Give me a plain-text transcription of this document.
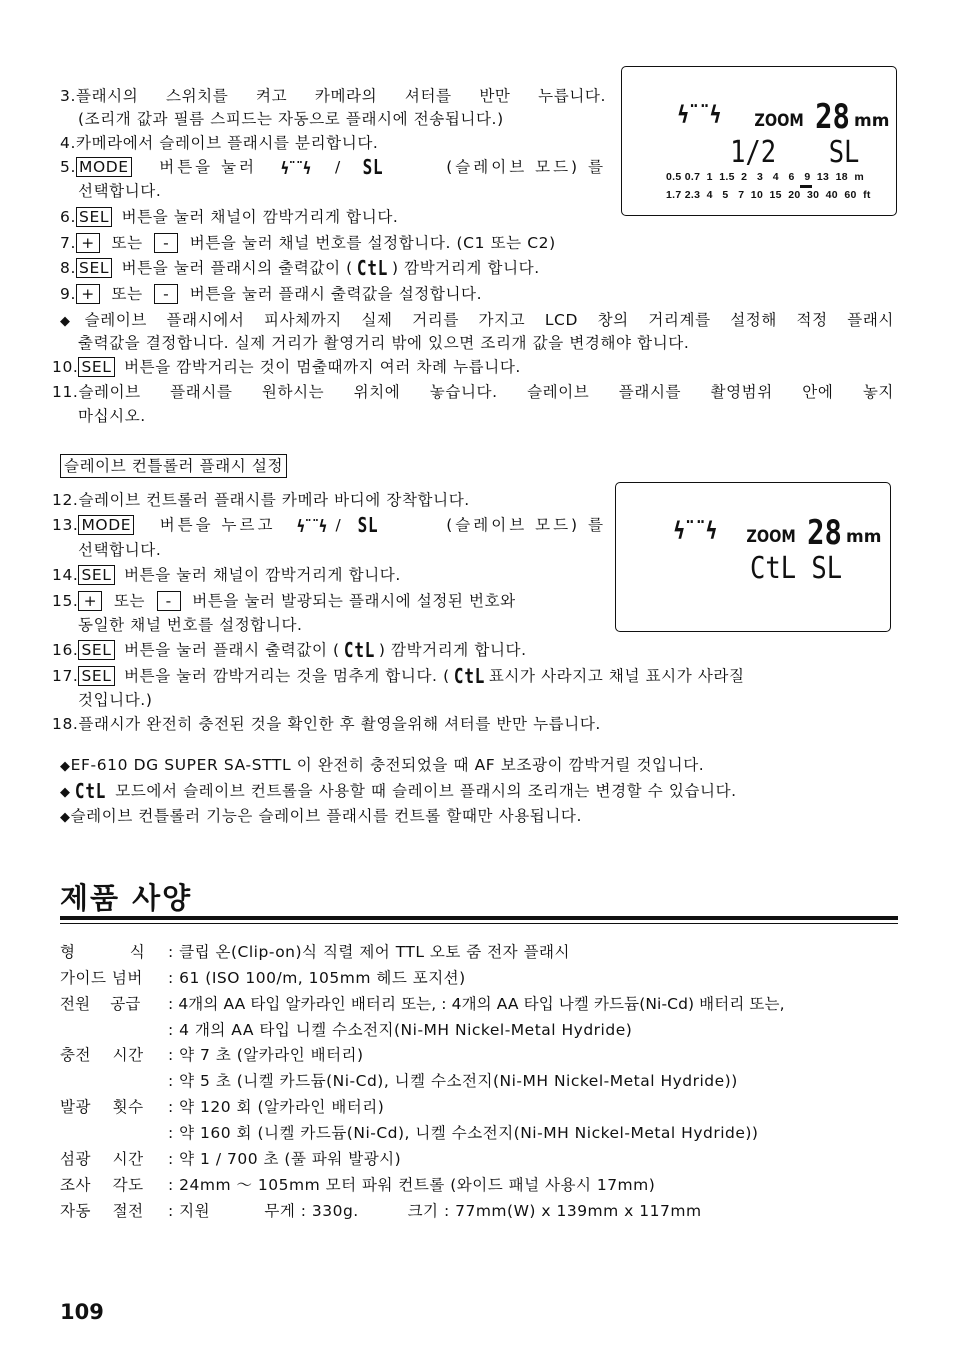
3.플래시의 스위치를 켜고 카메라의 셔터를 반만 누릅니다.
(조리개 값과 필름 스피드는 자동으로 플래시에 전송됩니다.)
4.카메라에서 슬레이브 플래시를 분리합니다.
5. MODE 버튼을 눌러 ϟ¨¨ϟ / SL	(슬레이브 모드) 를
선택합니다.
6. SEL 버튼을 눌러 채널이 깜박거리게 합니다.
7. + 또는 - 버튼을 눌러 채널 번호를 설정합니다. (C1 또는 C2)
8. SEL 버튼을 눌러 플래시의 출력값이 ( CtL ) 깜박거리게 합니다.
9. + 또는 - 버튼을 눌러 플래시 출력값을 설정합니다.
◆슬레이브 플래시에서 피사체까지 실제 거리를 가지고 LCD 창의 거리계를 설정해 적정 플래시
출력값을 결정합니다. 실제 거리가 촬영거리 밖에 있으면 조리개 값을 변경해야 합니다.
10. SEL 버튼을 깜박거리는 것이 멈출때까지 여러 차례 누릅니다.
11.슬레이브 플래시를 원하시는 위치에 놓습니다. 슬레이브 플래시를 촬영범위 안에 놓지
마십시오.
ϟ¨¨ϟ ZOOM 28 mm
1/2 SL
0.5 0.7  1  1.5  2   3   4   6   9  13  18  m
1.7 2.3  4   5   7  10  15  20  30  40  60  ft
슬레이브 컨틀롤러 플래시 설정
12.슬레이브 컨트롤러 플래시를 카메라 바디에 장착합니다.
13. MODE 버튼을 누르고 ϟ¨¨ϟ / SL	(슬레이브 모드) 를
선택합니다.
14. SEL 버튼을 눌러 채널이 깜박거리게 합니다.
15. + 또는 - 버튼을 눌러 발광되는 플래시에 설정된 번호와
동일한 채널 번호를 설정합니다.
16. SEL 버튼을 눌러 플래시 출력값이 ( CtL ) 깜박거리게 합니다.
17. SEL 버튼을 눌러 깜박거리는 것을 멈추게 합니다. ( CtL 표시가 사라지고 채널 표시가 사라질
것입니다.)
18.플래시가 완전히 충전된 것을 확인한 후 촬영을위해 셔터를 반만 누릅니다.
ϟ¨¨ϟ ZOOM 28 mm
CtL SL
◆EF-610 DG SUPER SA-STTL 이 완전히 충전되었을 때 AF 보조광이 깜박거릴 것입니다.
◆ CtL 모드에서 슬레이브 컨트롤을 사용할 때 슬레이브 플래시의 조리개는 변경할 수 있습니다.
◆슬레이브 컨틀롤러 기능은 슬레이브 플래시를 컨트롤 할때만 사용됩니다.
제품 사양
형          식 : 클립 온(Clip-on)식 직렬 제어 TTL 오토 줌 전자 플래시
가이드 넘버 : 61 (ISO 100/m, 105mm 헤드 포지션)
전원    공급 : 4개의 AA 타입 알카라인 배터리 또는, : 4개의 AA 타입 나켈 카드듐(Ni-Cd) 배터리 또는,
: 4 개의 AA 타입 니켈 수소전지(Ni-MH Nickel-Metal Hydride)
충전    시간 : 약 7 초 (알카라인 배터리)
: 약 5 초 (니켈 카드듐(Ni-Cd), 니켈 수소전지(Ni-MH Nickel-Metal Hydride))
발광    횟수 : 약 120 회 (알카라인 배터리)
: 약 160 회 (니켈 카드듐(Ni-Cd), 니켈 수소전지(Ni-MH Nickel-Metal Hydride))
섬광    시간 : 약 1 / 700 초 (풀 파워 발광시)
조사    각도 : 24mm ～ 105mm 모터 파워 컨트롤 (와이드 패널 사용시 17mm)
자동    절전 : 지원          무게 : 330g.         크기 : 77mm(W) x 139mm x 117mm
109
